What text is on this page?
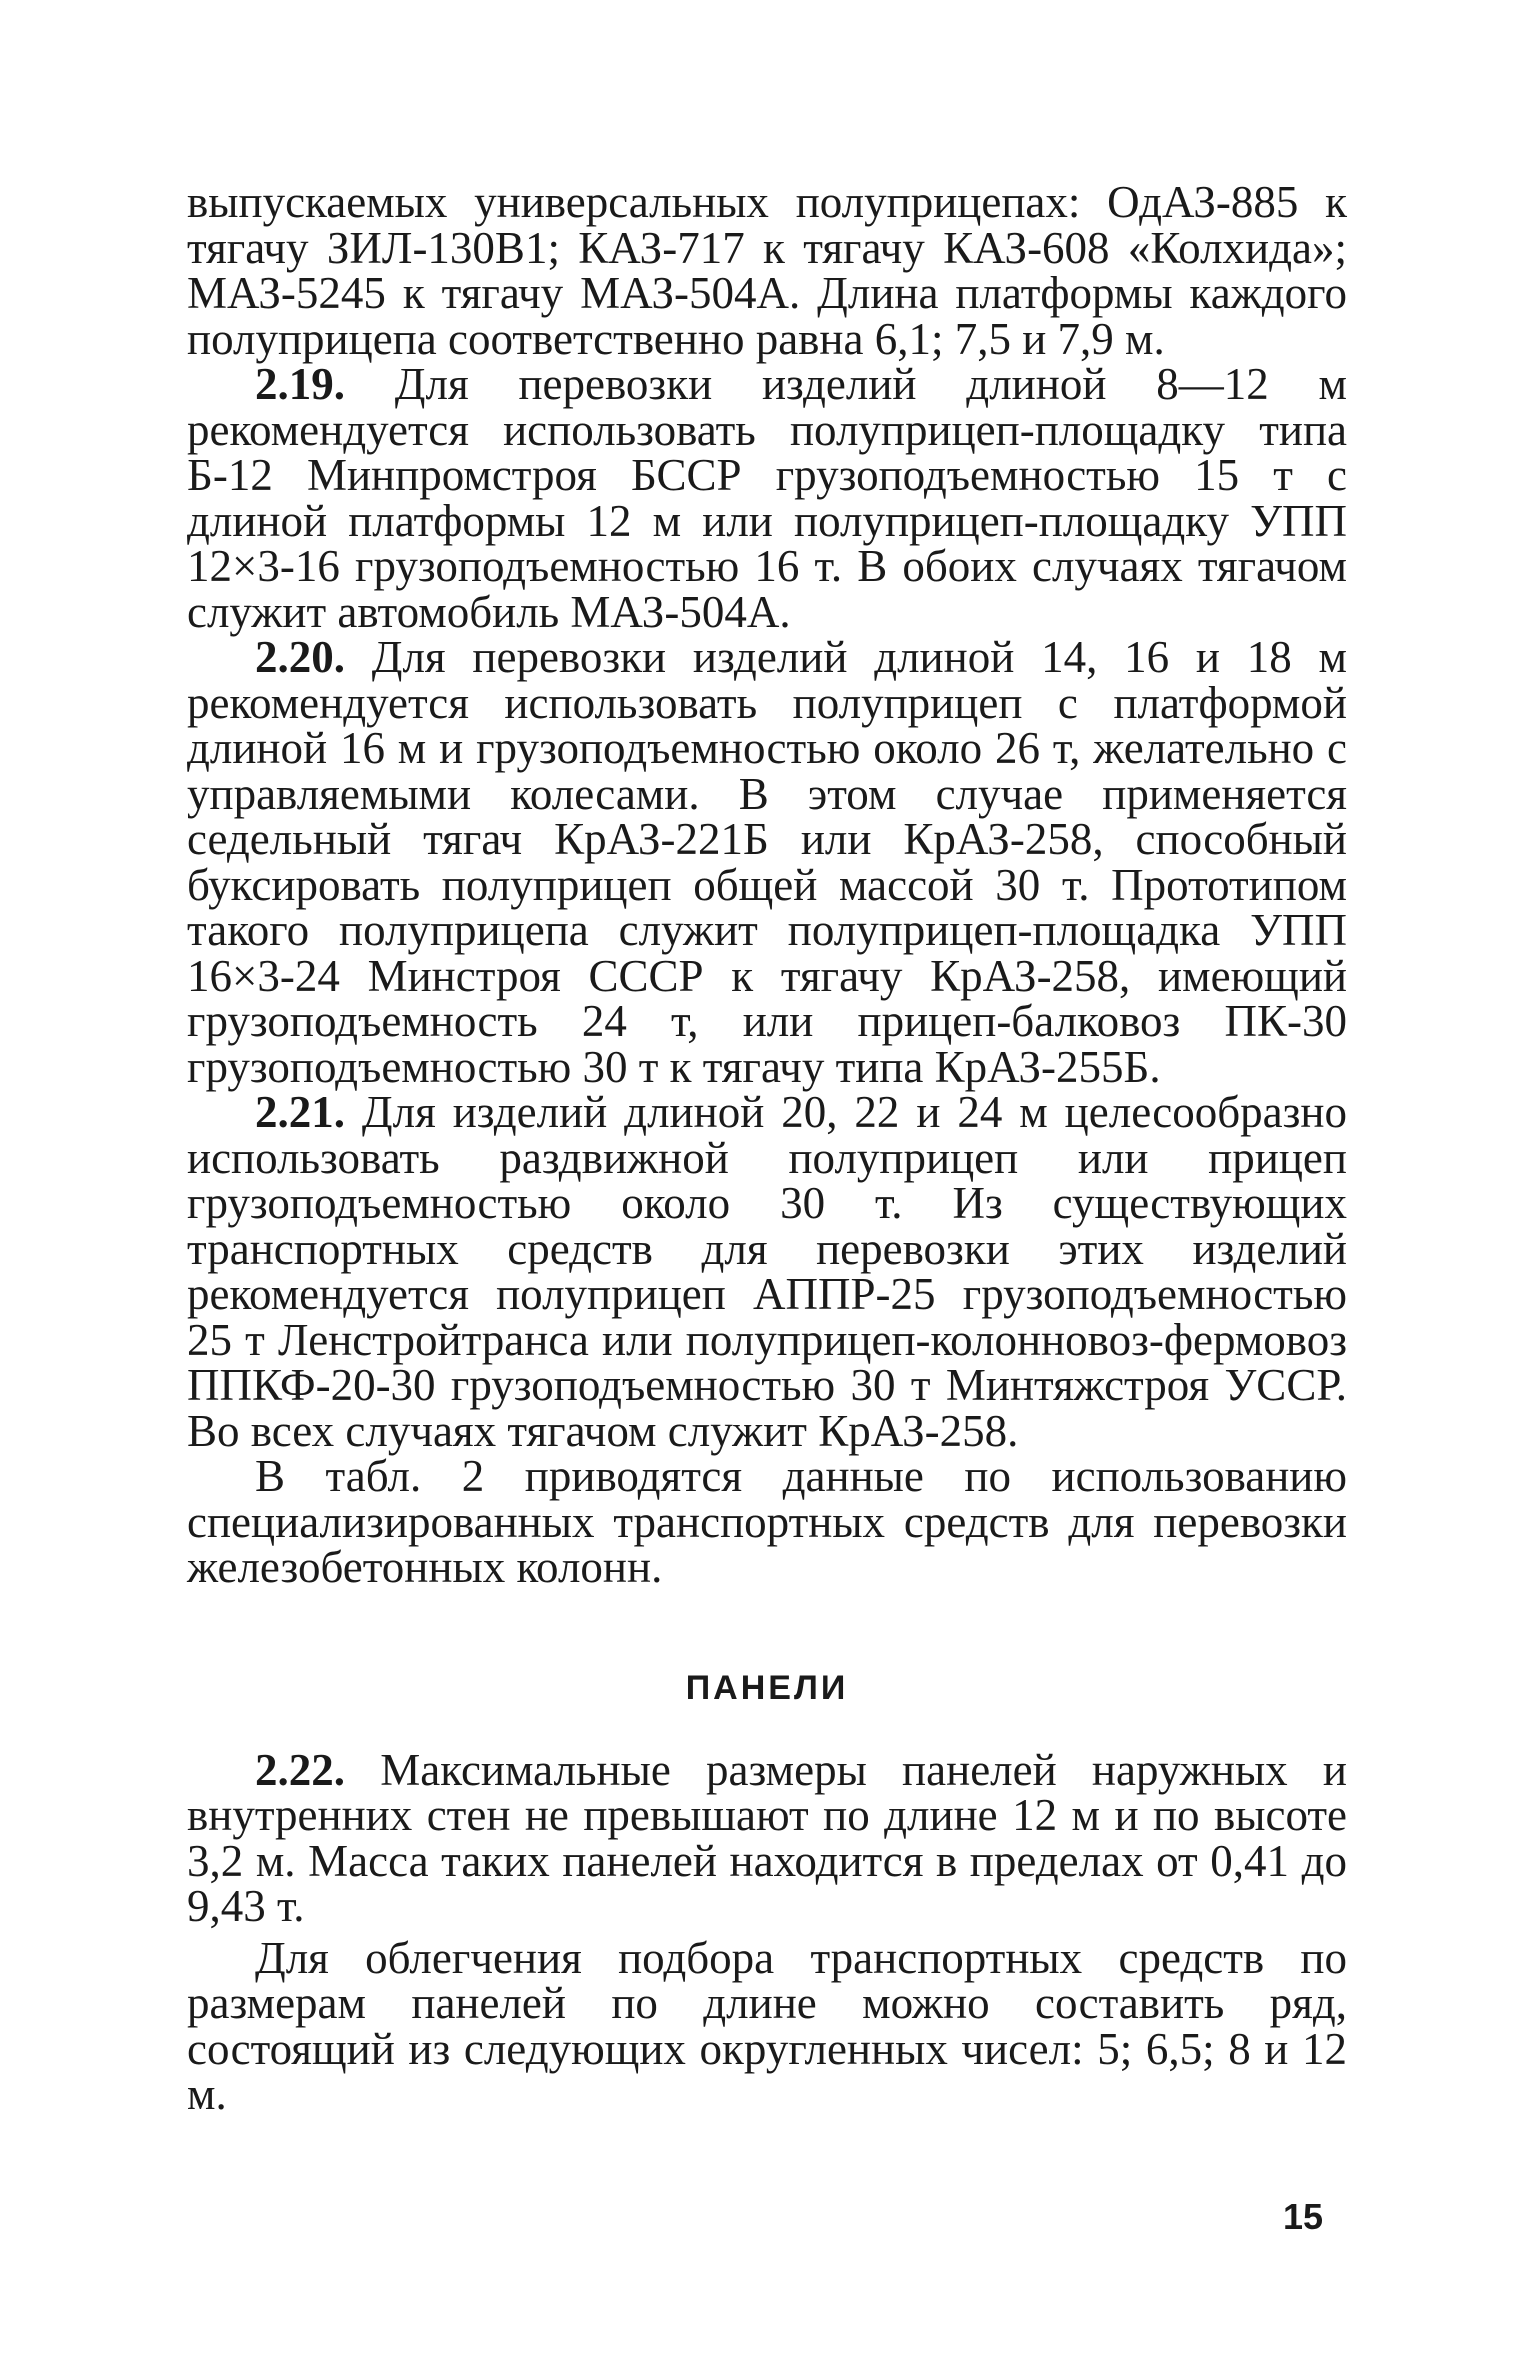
выпускаемых универсальных полуприцепах: ОдАЗ-885 к тягачу ЗИЛ-130В1; КАЗ-717 к тягачу КАЗ-608 «Колхида»; МАЗ-5245 к тягачу МАЗ-504А. Длина платформы каждого полуприцепа соответственно равна 6,1; 7,5 и 7,9 м.

2.19. Для перевозки изделий длиной 8—12 м рекомендуется использовать полуприцеп-площадку типа Б-12 Минпромстроя БССР грузоподъемностью 15 т с длиной платформы 12 м или полуприцеп-площадку УПП 12×3-16 грузоподъемностью 16 т. В обоих случаях тягачом служит автомобиль МАЗ-504А.

2.20. Для перевозки изделий длиной 14, 16 и 18 м рекомендуется использовать полуприцеп с платформой длиной 16 м и грузоподъемностью около 26 т, желательно с управляемыми колесами. В этом случае применяется седельный тягач КрАЗ-221Б или КрАЗ-258, способный буксировать полуприцеп общей массой 30 т. Прототипом такого полуприцепа служит полуприцеп-площадка УПП 16×3-24 Минстроя СССР к тягачу КрАЗ-258, имеющий грузоподъемность 24 т, или прицеп-балковоз ПК-30 грузоподъемностью 30 т к тягачу типа КрАЗ-255Б.

2.21. Для изделий длиной 20, 22 и 24 м целесообразно использовать раздвижной полуприцеп или прицеп грузоподъемностью около 30 т. Из существующих транспортных средств для перевозки этих изделий рекомендуется полуприцеп АППР-25 грузоподъемностью 25 т Ленстройтранса или полуприцеп-колонновоз-фермовоз ППКФ-20-30 грузоподъемностью 30 т Минтяжстроя УССР. Во всех случаях тягачом служит КрАЗ-258.

В табл. 2 приводятся данные по использованию специализированных транспортных средств для перевозки железобетонных колонн.

ПАНЕЛИ

2.22. Максимальные размеры панелей наружных и внутренних стен не превышают по длине 12 м и по высоте 3,2 м. Масса таких панелей находится в пределах от 0,41 до 9,43 т.

Для облегчения подбора транспортных средств по размерам панелей по длине можно составить ряд, состоящий из следующих округленных чисел: 5; 6,5; 8 и 12 м.

15
